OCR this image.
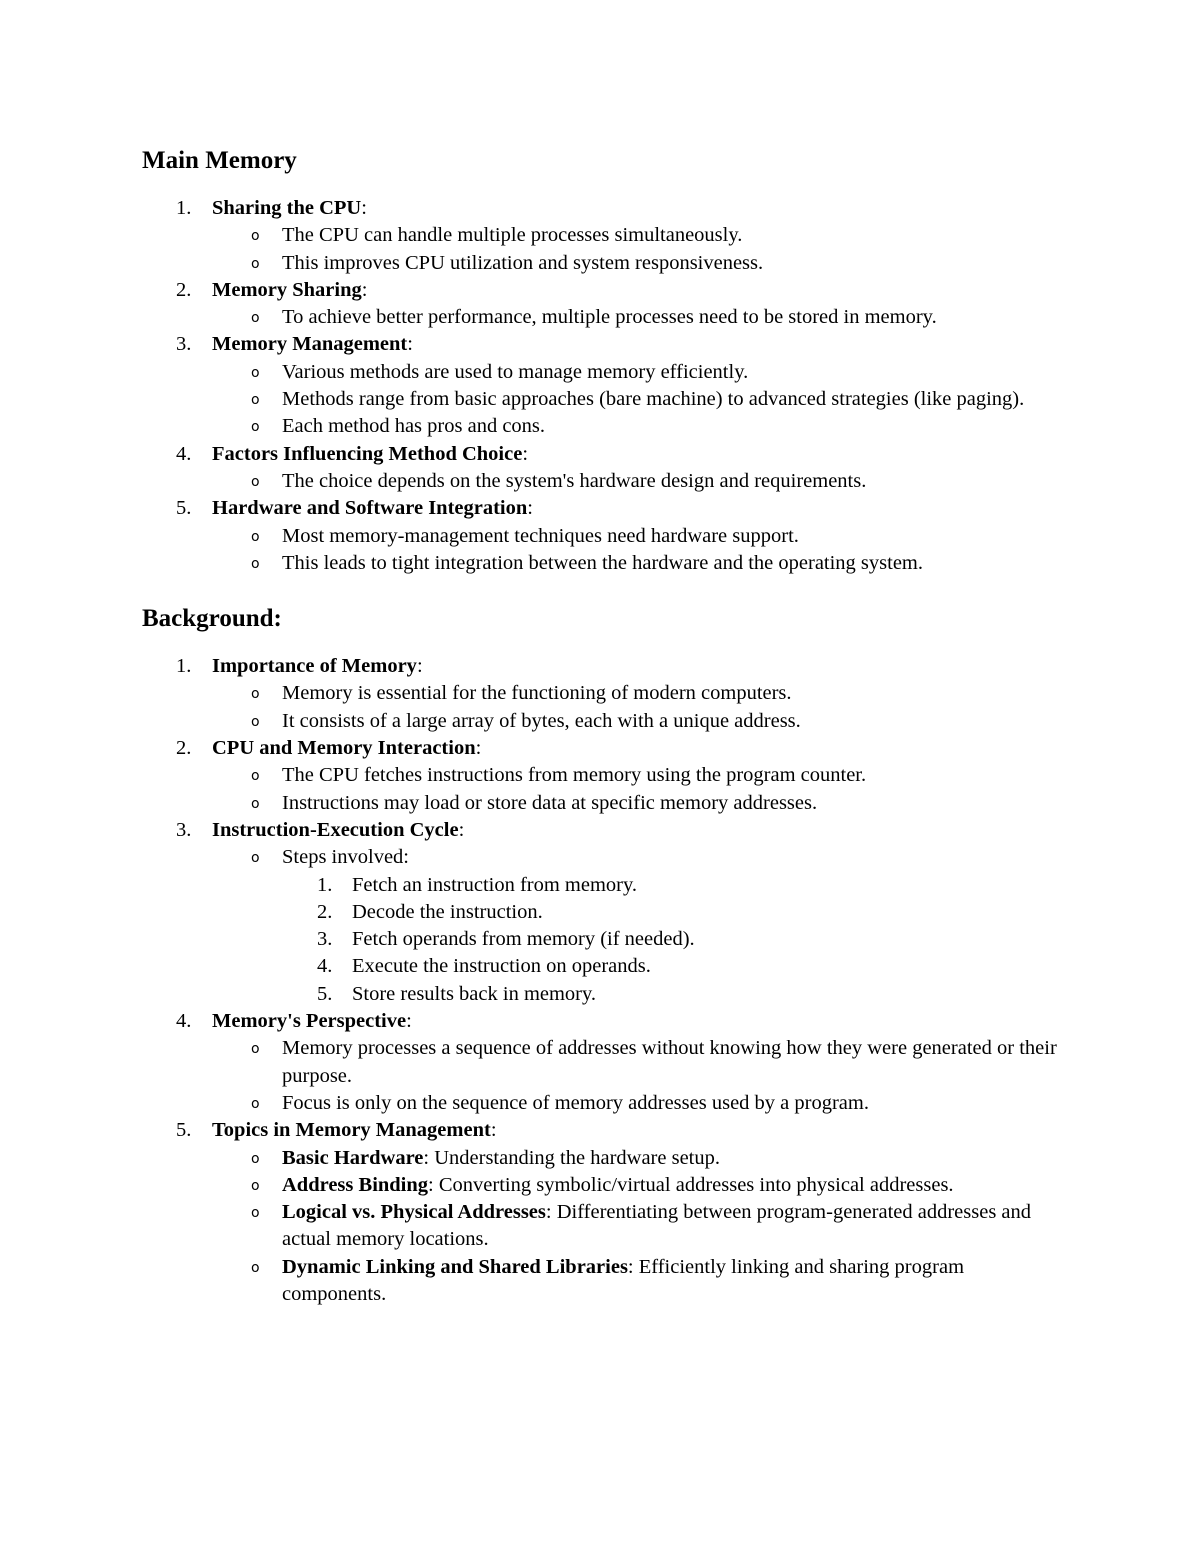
Main Memory
1. Sharing the CPU:
o The CPU can handle multiple processes simultaneously.
o This improves CPU utilization and system responsiveness.
2. Memory Sharing:
o To achieve better performance, multiple processes need to be stored in memory.
3. Memory Management:
o Various methods are used to manage memory efficiently.
o Methods range from basic approaches (bare machine) to advanced strategies (like paging).
o Each method has pros and cons.
4. Factors Influencing Method Choice:
o The choice depends on the system's hardware design and requirements.
5. Hardware and Software Integration:
o Most memory-management techniques need hardware support.
o This leads to tight integration between the hardware and the operating system.
Background:
1. Importance of Memory:
o Memory is essential for the functioning of modern computers.
o It consists of a large array of bytes, each with a unique address.
2. CPU and Memory Interaction:
o The CPU fetches instructions from memory using the program counter.
o Instructions may load or store data at specific memory addresses.
3. Instruction-Execution Cycle:
o Steps involved:
1. Fetch an instruction from memory.
2. Decode the instruction.
3. Fetch operands from memory (if needed).
4. Execute the instruction on operands.
5. Store results back in memory.
4. Memory's Perspective:
o Memory processes a sequence of addresses without knowing how they were generated or their purpose.
o Focus is only on the sequence of memory addresses used by a program.
5. Topics in Memory Management:
o Basic Hardware: Understanding the hardware setup.
o Address Binding: Converting symbolic/virtual addresses into physical addresses.
o Logical vs. Physical Addresses: Differentiating between program-generated addresses and actual memory locations.
o Dynamic Linking and Shared Libraries: Efficiently linking and sharing program components.
